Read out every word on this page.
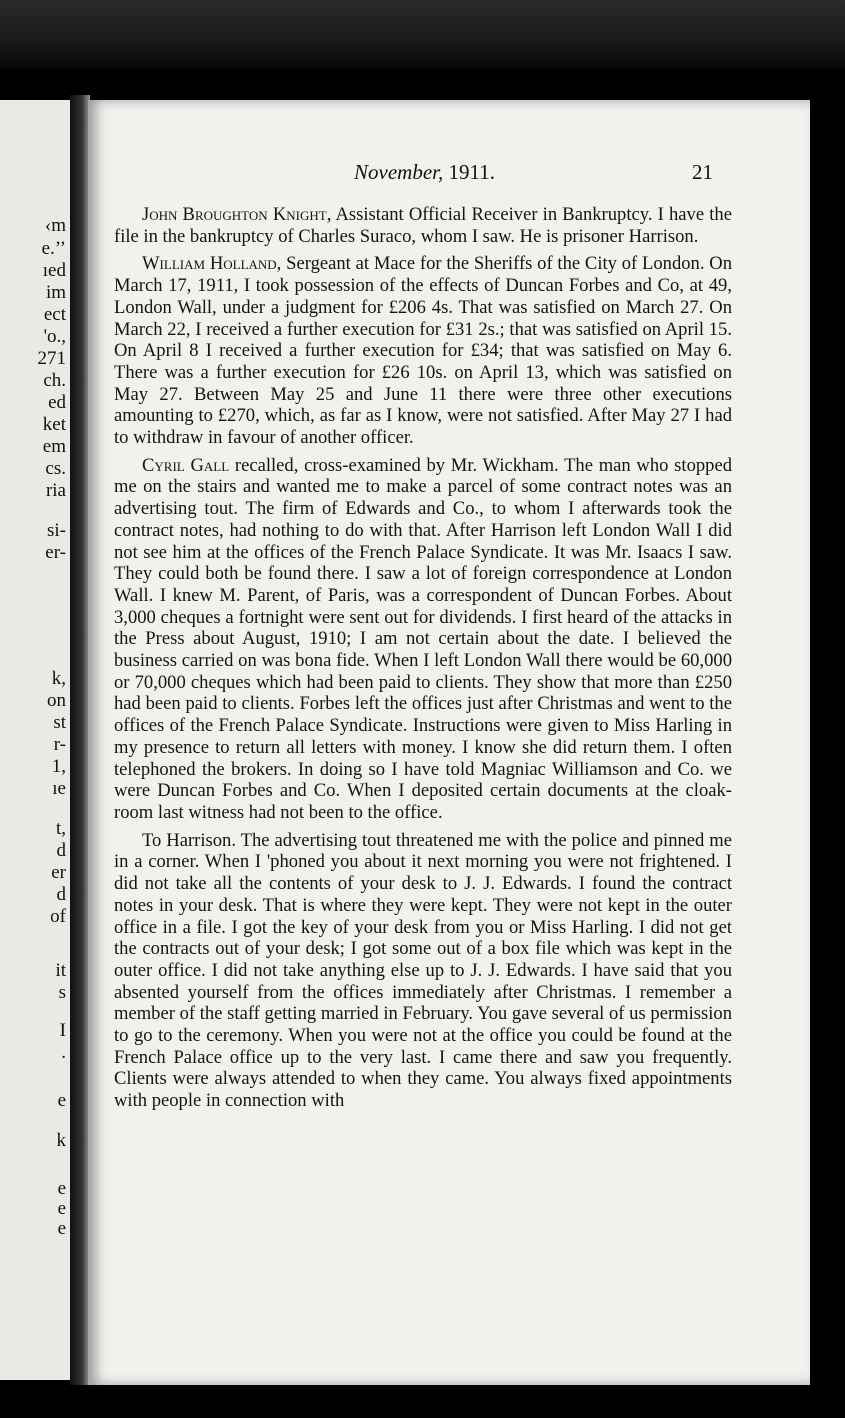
‹m
e.’’
ıed
im
ect
'o.,
271
ch.
ed
ket
em
cs.
ria
si-
er-
k,
on
st
r-
1,
ıe
t,
d
er
d
of
it
s
I
.
e
k
e
e
e
November, 1911.	21

John Broughton Knight, Assistant Official Receiver in Bankruptcy. I have the file in the bankruptcy of Charles Suraco, whom I saw. He is prisoner Harrison.

William Holland, Sergeant at Mace for the Sheriffs of the City of London. On March 17, 1911, I took possession of the effects of Duncan Forbes and Co, at 49, London Wall, under a judgment for £206 4s. That was satisfied on March 27. On March 22, I received a further execution for £31 2s.; that was satisfied on April 15. On April 8 I received a further execution for £34; that was satisfied on May 6. There was a further execution for £26 10s. on April 13, which was satisfied on May 27. Between May 25 and June 11 there were three other executions amounting to £270, which, as far as I know, were not satisfied. After May 27 I had to withdraw in favour of another officer.

Cyril Gall recalled, cross-examined by Mr. Wickham. The man who stopped me on the stairs and wanted me to make a parcel of some contract notes was an advertising tout. The firm of Edwards and Co., to whom I afterwards took the contract notes, had nothing to do with that. After Harrison left London Wall I did not see him at the offices of the French Palace Syndicate. It was Mr. Isaacs I saw. They could both be found there. I saw a lot of foreign correspondence at London Wall. I knew M. Parent, of Paris, was a correspondent of Duncan Forbes. About 3,000 cheques a fortnight were sent out for dividends. I first heard of the attacks in the Press about August, 1910; I am not certain about the date. I believed the business carried on was bona fide. When I left London Wall there would be 60,000 or 70,000 cheques which had been paid to clients. They show that more than £250 had been paid to clients. Forbes left the offices just after Christmas and went to the offices of the French Palace Syndicate. Instructions were given to Miss Harling in my presence to return all letters with money. I know she did return them. I often telephoned the brokers. In doing so I have told Magniac Williamson and Co. we were Duncan Forbes and Co. When I deposited certain documents at the cloak-room last witness had not been to the office.

To Harrison. The advertising tout threatened me with the police and pinned me in a corner. When I 'phoned you about it next morning you were not frightened. I did not take all the contents of your desk to J. J. Edwards. I found the contract notes in your desk. That is where they were kept. They were not kept in the outer office in a file. I got the key of your desk from you or Miss Harling. I did not get the contracts out of your desk; I got some out of a box file which was kept in the outer office. I did not take anything else up to J. J. Edwards. I have said that you absented yourself from the offices immediately after Christmas. I remember a member of the staff getting married in February. You gave several of us permission to go to the ceremony. When you were not at the office you could be found at the French Palace office up to the very last. I came there and saw you frequently. Clients were always attended to when they came. You always fixed appointments with people in connection with
